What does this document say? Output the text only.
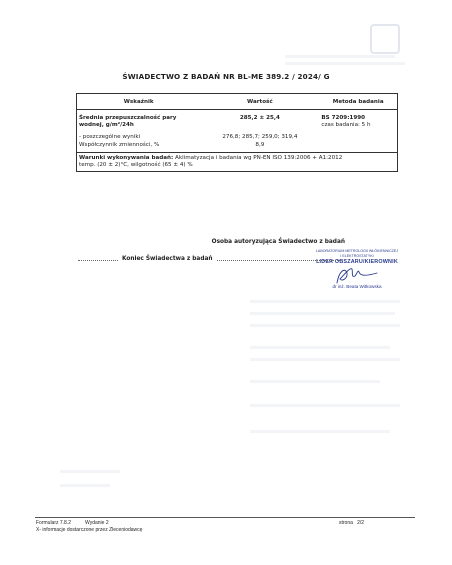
ŚWIADECTWO Z BADAŃ NR BL-ME 389.2 / 2024/ G
Wskaźnik	Wartość	Metoda badania
Średnia przepuszczalność pary wodnej, g/m²/24h	285,2 ± 25,4	BS 7209:1990
czas badania: 5 h

- poszczególne wyniki	276,8; 285,7; 259,0; 319,4	
Współczynnik zmienności, %	8,9	

Warunki wykonywania badań: Aklimatyzacja i badania wg PN-EN ISO 139:2006 + A1:2012
temp. (20 ± 2)°C, wilgotność (65 ± 4) %		
Osoba autoryzująca Świadectwo z badań
LABORATORIUM METROLOGII WŁÓKIENNICZEJ
I ELEKTROSTATYKI
LIDER OBSZARU/KIEROWNIK
dr inż. Beata Witkowska
Koniec Świadectwa z badań
Formularz 7.8.2	Wydanie 2
X- informacje dostarczone przez Zleceniodawcę
strona 2/2
